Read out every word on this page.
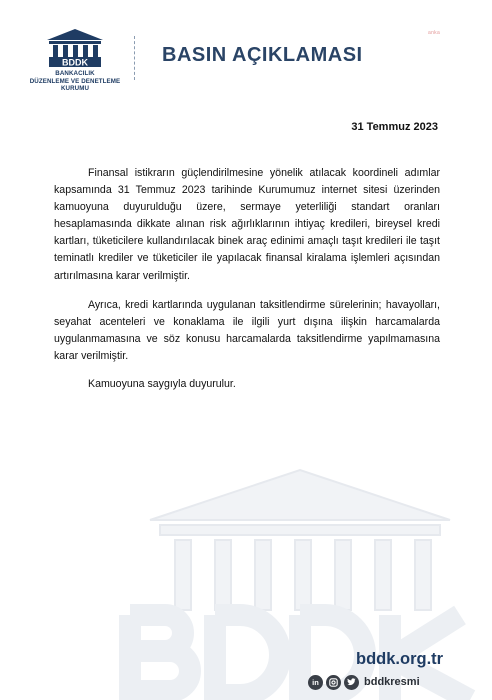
BDDK
BANKACILIK
DÜZENLEME VE DENETLEME
KURUMU
BASIN AÇIKLAMASI
anka
31 Temmuz 2023

Finansal istikrarın güçlendirilmesine yönelik atılacak koordineli adımlar kapsamında 31 Temmuz 2023 tarihinde Kurumumuz internet sitesi üzerinden kamuoyuna duyurulduğu üzere, sermaye yeterliliği standart oranları hesaplamasında dikkate alınan risk ağırlıklarının ihtiyaç kredileri, bireysel kredi kartları, tüketicilere kullandırılacak binek araç edinimi amaçlı taşıt kredileri ile taşıt teminatlı krediler ve tüketiciler ile yapılacak finansal kiralama işlemleri açısından artırılmasına karar verilmiştir.

Ayrıca, kredi kartlarında uygulanan taksitlendirme sürelerinin; havayolları, seyahat acenteleri ve konaklama ile ilgili yurt dışına ilişkin harcamalarda uygulanmamasına ve söz konusu harcamalarda taksitlendirme yapılmamasına karar verilmiştir.

Kamuoyuna saygıyla duyurulur.

bddk.org.tr
in	bddkresmi
